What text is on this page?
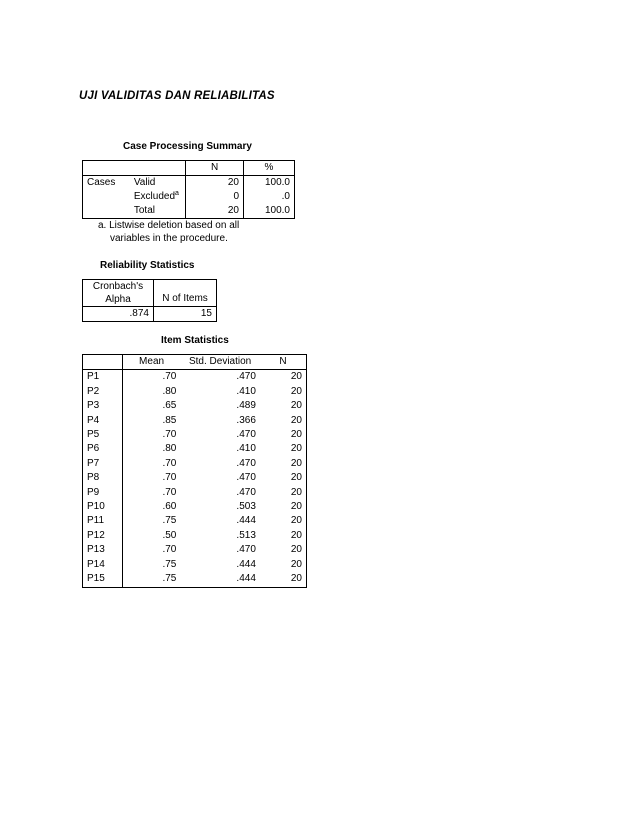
UJI VALIDITAS DAN RELIABILITAS
Case Processing Summary
		N	%
Cases	Valid	20	100.0
	Excluded$^a$	0	.0
	Total	20	100.0
a. Listwise deletion based on all
variables in the procedure.
Reliability Statistics
Cronbach's
Alpha	N of Items
.874	15
Item Statistics
	Mean	Std. Deviation	N
P1	.70	.470	20
P2	.80	.410	20
P3	.65	.489	20
P4	.85	.366	20
P5	.70	.470	20
P6	.80	.410	20
P7	.70	.470	20
P8	.70	.470	20
P9	.70	.470	20
P10	.60	.503	20
P11	.75	.444	20
P12	.50	.513	20
P13	.70	.470	20
P14	.75	.444	20
P15	.75	.444	20
